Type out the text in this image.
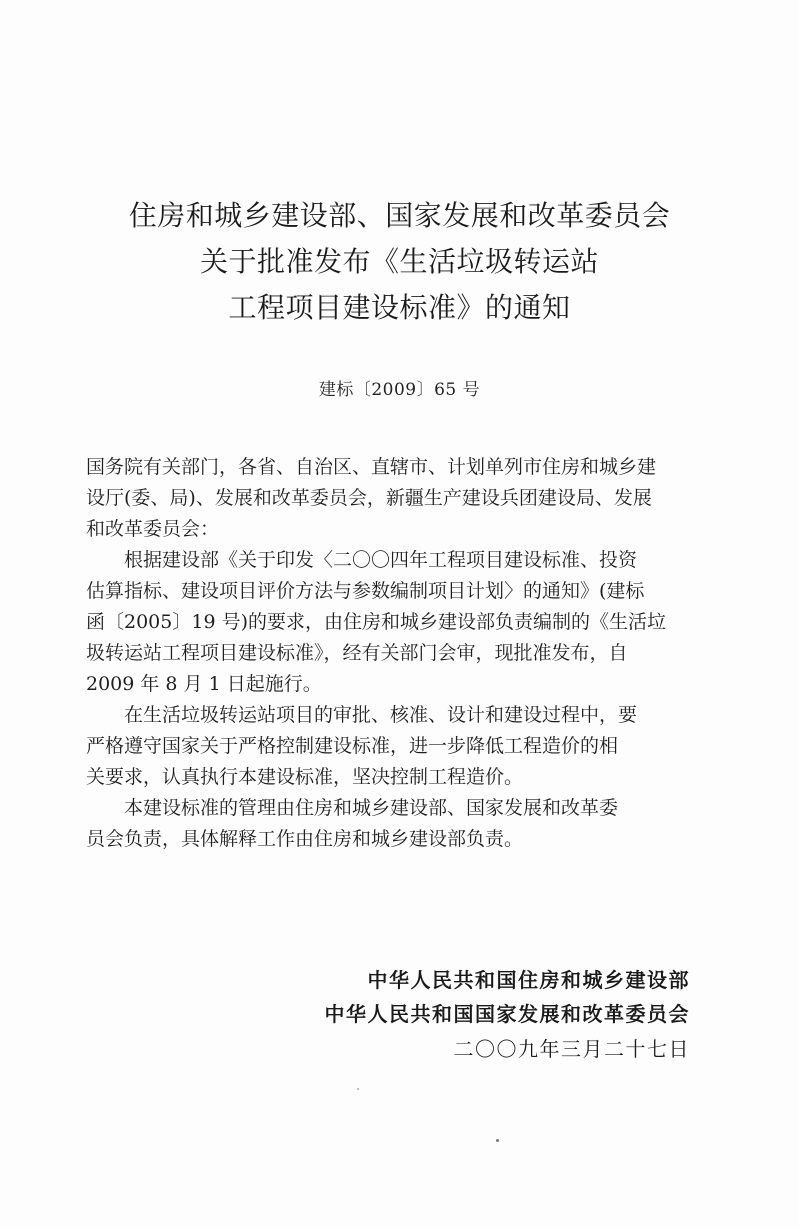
住房和城乡建设部、国家发展和改革委员会
关于批准发布《生活垃圾转运站
工程项目建设标准》的通知
建标〔2009〕65 号

国务院有关部门，各省、自治区、直辖市、计划单列市住房和城乡建
设厅(委、局)、发展和改革委员会，新疆生产建设兵团建设局、发展
和改革委员会：

根据建设部《关于印发〈二〇〇四年工程项目建设标准、投资
估算指标、建设项目评价方法与参数编制项目计划〉的通知》(建标
函〔2005〕19 号)的要求，由住房和城乡建设部负责编制的《生活垃
圾转运站工程项目建设标准》，经有关部门会审，现批准发布，自
2009 年 8 月 1 日起施行。

在生活垃圾转运站项目的审批、核准、设计和建设过程中，要
严格遵守国家关于严格控制建设标准，进一步降低工程造价的相
关要求，认真执行本建设标准，坚决控制工程造价。

本建设标准的管理由住房和城乡建设部、国家发展和改革委
员会负责，具体解释工作由住房和城乡建设部负责。

中华人民共和国住房和城乡建设部
中华人民共和国国家发展和改革委员会
二〇〇九年三月二十七日
